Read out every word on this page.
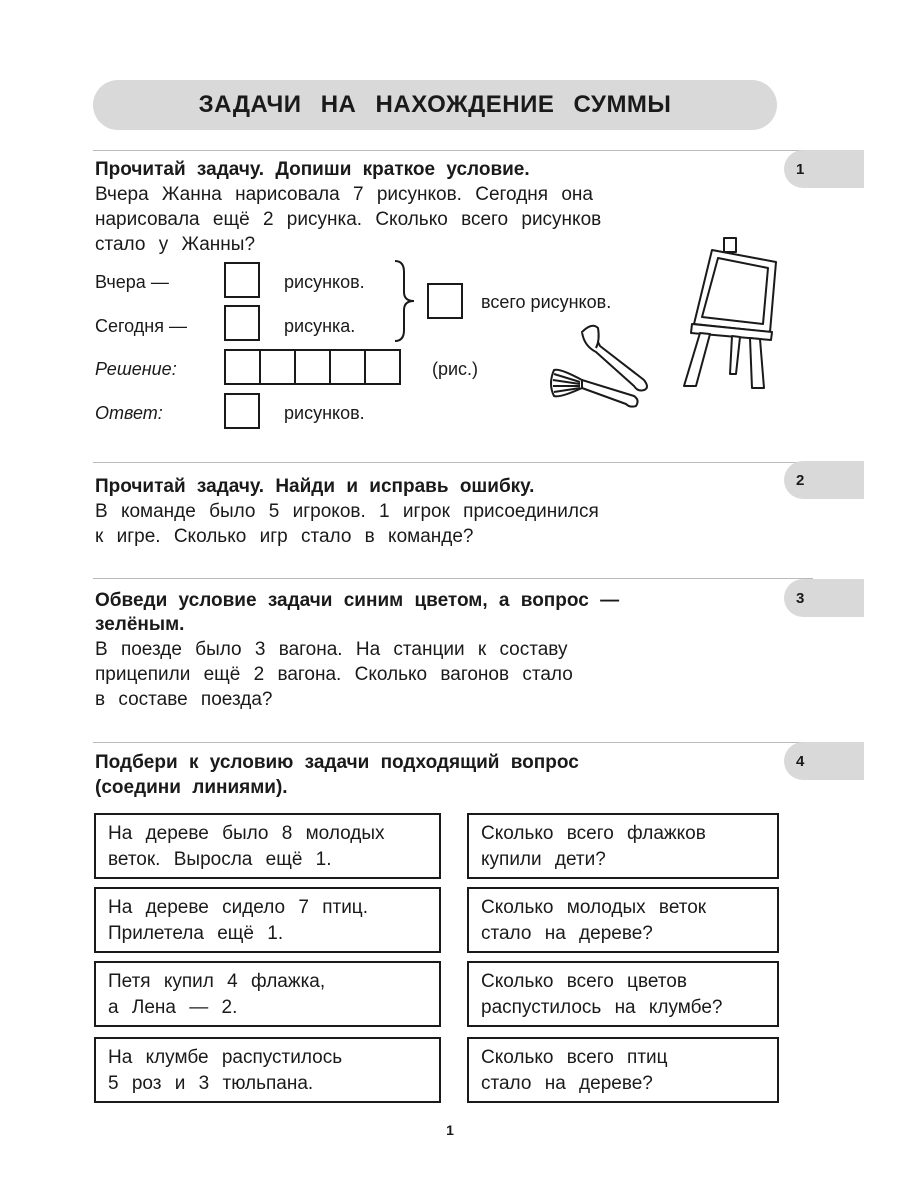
ЗАДАЧИ НА НАХОЖДЕНИЕ СУММЫ
1
Прочитай задачу. Допиши краткое условие.
Вчера Жанна нарисовала 7 рисунков. Сегодня она
нарисовала ещё 2 рисунка. Сколько всего рисунков
стало у Жанны?
Вчера —	рисунков.
Сегодня —	рисунка.
всего рисунков.
Решение:	(рис.)
Ответ:	рисунков.
2
Прочитай задачу. Найди и исправь ошибку.
В команде было 5 игроков. 1 игрок присоединился
к игре. Сколько игр стало в команде?
3
Обведи условие задачи синим цветом, а вопрос —
зелёным.
В поезде было 3 вагона. На станции к составу
прицепили ещё 2 вагона. Сколько вагонов стало
в составе поезда?
4
Подбери к условию задачи подходящий вопрос
(соедини линиями).
На дереве было 8 молодых
веток. Выросла ещё 1.
На дереве сидело 7 птиц.
Прилетела ещё 1.
Петя купил 4 флажка,
а Лена — 2.
На клумбе распустилось
5 роз и 3 тюльпана.
Сколько всего флажков
купили дети?
Сколько молодых веток
стало на дереве?
Сколько всего цветов
распустилось на клумбе?
Сколько всего птиц
стало на дереве?
1
